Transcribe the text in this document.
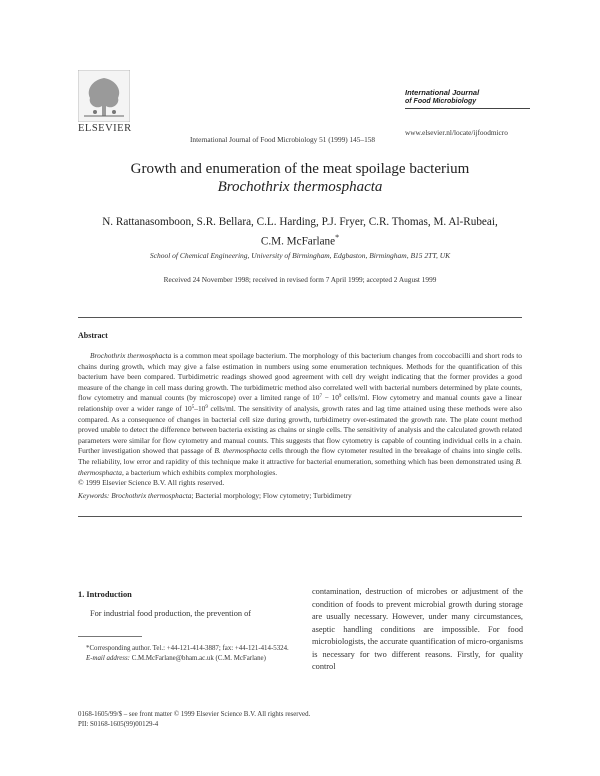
ELSEVIER
International Journal of Food Microbiology 51 (1999) 145–158
International Journal
of Food Microbiology
www.elsevier.nl/locate/ijfoodmicro
Growth and enumeration of the meat spoilage bacterium
Brochothrix thermosphacta
N. Rattanasomboon, S.R. Bellara, C.L. Harding, P.J. Fryer, C.R. Thomas, M. Al-Rubeai,
C.M. McFarlane*
School of Chemical Engineering, University of Birmingham, Edgbaston, Birmingham, B15 2TT, UK
Received 24 November 1998; received in revised form 7 April 1999; accepted 2 August 1999
Abstract
Brochothrix thermosphacta is a common meat spoilage bacterium. The morphology of this bacterium changes from coccobacilli and short rods to chains during growth, which may give a false estimation in numbers using some enumeration techniques. Methods for the quantification of this bacterium have been compared. Turbidimetric readings showed good agreement with cell dry weight indicating that the former provides a good measure of the change in cell mass during growth. The turbidimetric method also correlated well with bacterial numbers determined by plate counts, flow cytometry and manual counts (by microscope) over a limited range of $10^7 - 10^9$ cells/ml. Flow cytometry and manual counts gave a linear relationship over a wider range of $10^5-10^9$ cells/ml. The sensitivity of analysis, growth rates and lag time attained using these methods were also compared. As a consequence of changes in bacterial cell size during growth, turbidimetry over-estimated the growth rate. The plate count method proved unable to detect the difference between bacteria existing as chains or single cells. The sensitivity of analysis and the calculated growth related parameters were similar for flow cytometry and manual counts. This suggests that flow cytometry is capable of counting individual cells in a chain. Further investigation showed that passage of B. thermosphacta cells through the flow cytometer resulted in the breakage of chains into single cells. The reliability, low error and rapidity of this technique make it attractive for bacterial enumeration, something which has been demonstrated using B. thermosphacta, a bacterium which exhibits complex morphologies.
© 1999 Elsevier Science B.V. All rights reserved.
Keywords: Brochothrix thermosphacta; Bacterial morphology; Flow cytometry; Turbidimetry
1. Introduction
For industrial food production, the prevention of
contamination, destruction of microbes or adjustment of the condition of foods to prevent microbial growth during storage are usually necessary. However, under many circumstances, aseptic handling conditions are impossible. For food microbiologists, the accurate quantification of micro-organisms is necessary for two different reasons. Firstly, for quality control
*Corresponding author. Tel.: +44-121-414-3887; fax: +44-121-414-5324.
E-mail address: C.M.McFarlane@bham.ac.uk (C.M. McFarlane)
0168-1605/99/$ – see front matter © 1999 Elsevier Science B.V. All rights reserved.
PII: S0168-1605(99)00129-4
